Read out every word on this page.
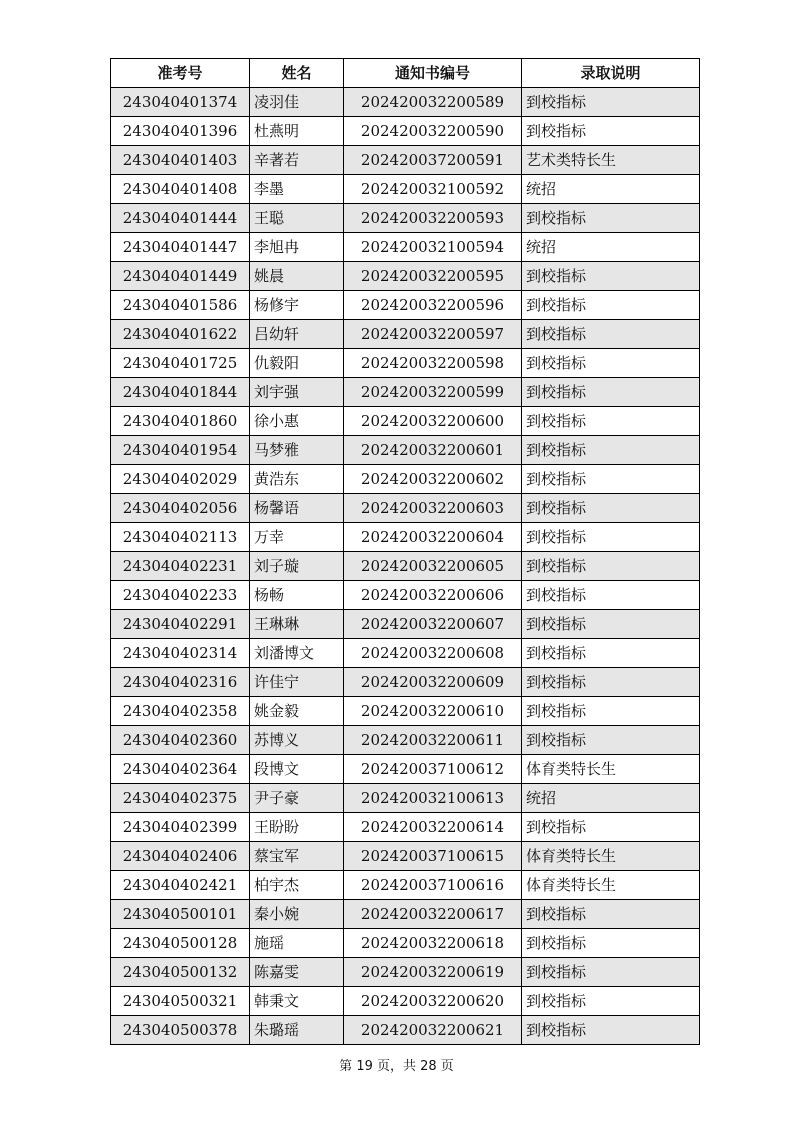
准考号	姓名	通知书编号	录取说明
243040401374	凌羽佳	202420032200589	到校指标
243040401396	杜燕明	202420032200590	到校指标
243040401403	辛著若	202420037200591	艺术类特长生
243040401408	李墨	202420032100592	统招
243040401444	王聪	202420032200593	到校指标
243040401447	李旭冉	202420032100594	统招
243040401449	姚晨	202420032200595	到校指标
243040401586	杨修宇	202420032200596	到校指标
243040401622	吕幼轩	202420032200597	到校指标
243040401725	仇毅阳	202420032200598	到校指标
243040401844	刘宇强	202420032200599	到校指标
243040401860	徐小惠	202420032200600	到校指标
243040401954	马梦雅	202420032200601	到校指标
243040402029	黄浩东	202420032200602	到校指标
243040402056	杨馨语	202420032200603	到校指标
243040402113	万幸	202420032200604	到校指标
243040402231	刘子璇	202420032200605	到校指标
243040402233	杨畅	202420032200606	到校指标
243040402291	王琳琳	202420032200607	到校指标
243040402314	刘潘博文	202420032200608	到校指标
243040402316	许佳宁	202420032200609	到校指标
243040402358	姚金毅	202420032200610	到校指标
243040402360	苏博义	202420032200611	到校指标
243040402364	段博文	202420037100612	体育类特长生
243040402375	尹子豪	202420032100613	统招
243040402399	王盼盼	202420032200614	到校指标
243040402406	蔡宝军	202420037100615	体育类特长生
243040402421	柏宇杰	202420037100616	体育类特长生
243040500101	秦小婉	202420032200617	到校指标
243040500128	施瑶	202420032200618	到校指标
243040500132	陈嘉雯	202420032200619	到校指标
243040500321	韩秉文	202420032200620	到校指标
243040500378	朱璐瑶	202420032200621	到校指标
第 19 页，共 28 页
